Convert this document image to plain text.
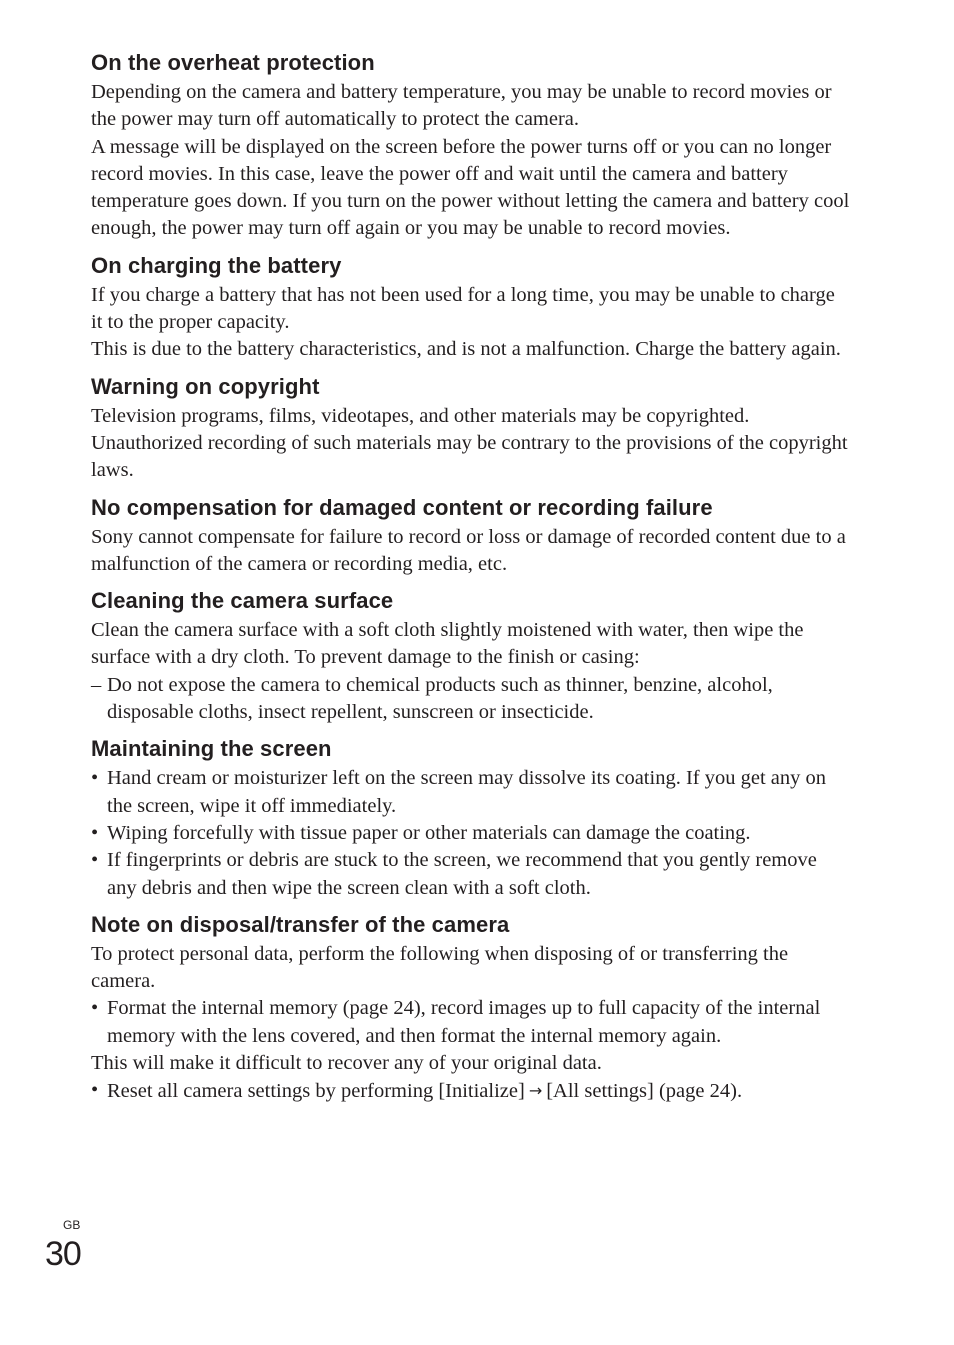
On the overheat protection

Depending on the camera and battery temperature, you may be unable to record movies or the power may turn off automatically to protect the camera.

A message will be displayed on the screen before the power turns off or you can no longer record movies. In this case, leave the power off and wait until the camera and battery temperature goes down. If you turn on the power without letting the camera and battery cool enough, the power may turn off again or you may be unable to record movies.

On charging the battery

If you charge a battery that has not been used for a long time, you may be unable to charge it to the proper capacity.

This is due to the battery characteristics, and is not a malfunction. Charge the battery again.

Warning on copyright

Television programs, films, videotapes, and other materials may be copyrighted. Unauthorized recording of such materials may be contrary to the provisions of the copyright laws.

No compensation for damaged content or recording failure

Sony cannot compensate for failure to record or loss or damage of recorded content due to a malfunction of the camera or recording media, etc.

Cleaning the camera surface

Clean the camera surface with a soft cloth slightly moistened with water, then wipe the surface with a dry cloth. To prevent damage to the finish or casing:

– Do not expose the camera to chemical products such as thinner, benzine, alcohol, disposable cloths, insect repellent, sunscreen or insecticide.
Maintaining the screen
• Hand cream or moisturizer left on the screen may dissolve its coating. If you get any on the screen, wipe it off immediately.
• Wiping forcefully with tissue paper or other materials can damage the coating.
• If fingerprints or debris are stuck to the screen, we recommend that you gently remove any debris and then wipe the screen clean with a soft cloth.
Note on disposal/transfer of the camera

To protect personal data, perform the following when disposing of or transferring the camera.

• Format the internal memory (page 24), record images up to full capacity of the internal memory with the lens covered, and then format the internal memory again.

This will make it difficult to recover any of your original data.

• Reset all camera settings by performing [Initialize] → [All settings] (page 24).
GB
30
